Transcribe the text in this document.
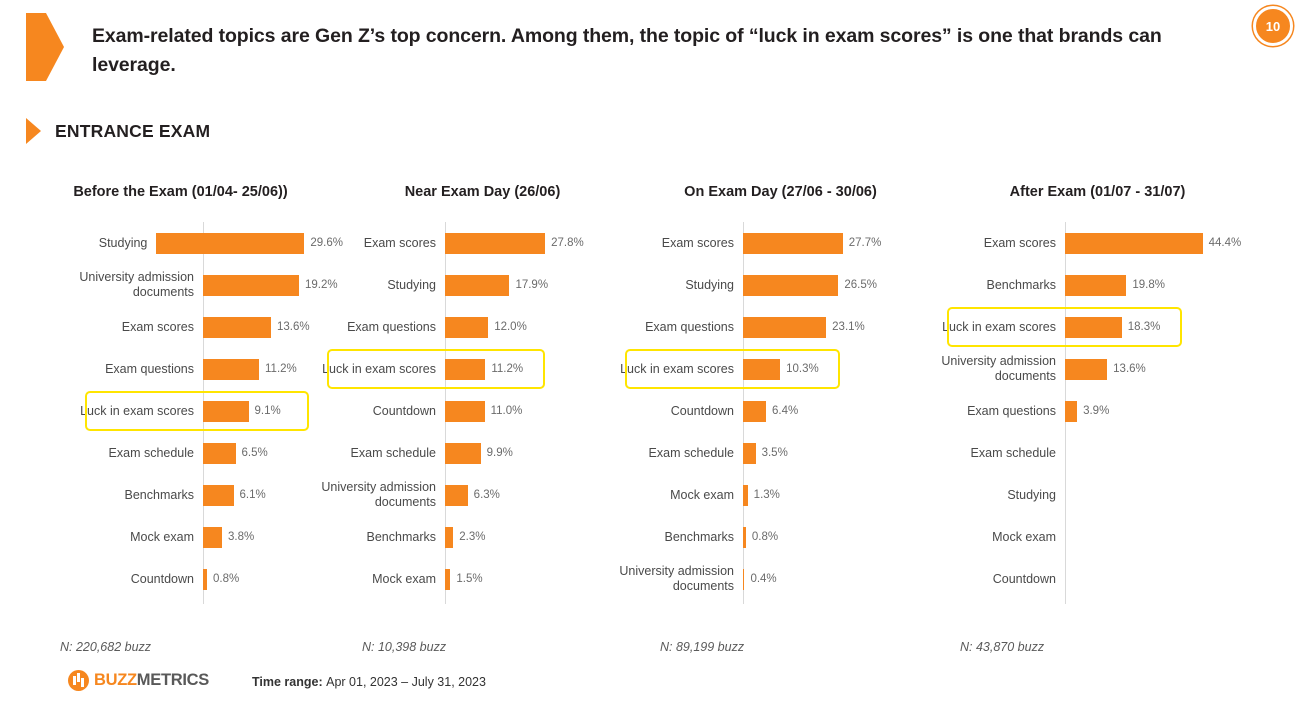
Exam-related topics are Gen Z’s top concern. Among them, the topic of “luck in exam scores” is one that brands can leverage.
10
ENTRANCE EXAM
Before the Exam (01/04- 25/06))
Studying	29.6%
University admission documents	19.2%
Exam scores	13.6%
Exam questions	11.2%
Luck in exam scores	9.1%
Exam schedule	6.5%
Benchmarks	6.1%
Mock exam	3.8%
Countdown	0.8%
N: 220,682 buzz
Near Exam Day (26/06)
Exam scores	27.8%
Studying	17.9%
Exam questions	12.0%
Luck in exam scores	11.2%
Countdown	11.0%
Exam schedule	9.9%
University admission documents	6.3%
Benchmarks	2.3%
Mock exam	1.5%
N: 10,398 buzz
On Exam Day (27/06 - 30/06)
Exam scores	27.7%
Studying	26.5%
Exam questions	23.1%
Luck in exam scores	10.3%
Countdown	6.4%
Exam schedule	3.5%
Mock exam	1.3%
Benchmarks	0.8%
University admission documents	0.4%
N: 89,199 buzz
After Exam (01/07 - 31/07)
Exam scores	44.4%
Benchmarks	19.8%
Luck in exam scores	18.3%
University admission documents	13.6%
Exam questions	3.9%
Exam schedule
Studying
Mock exam
Countdown
N: 43,870 buzz
BUZZ METRICS	Time range: Apr 01, 2023 – July 31, 2023
